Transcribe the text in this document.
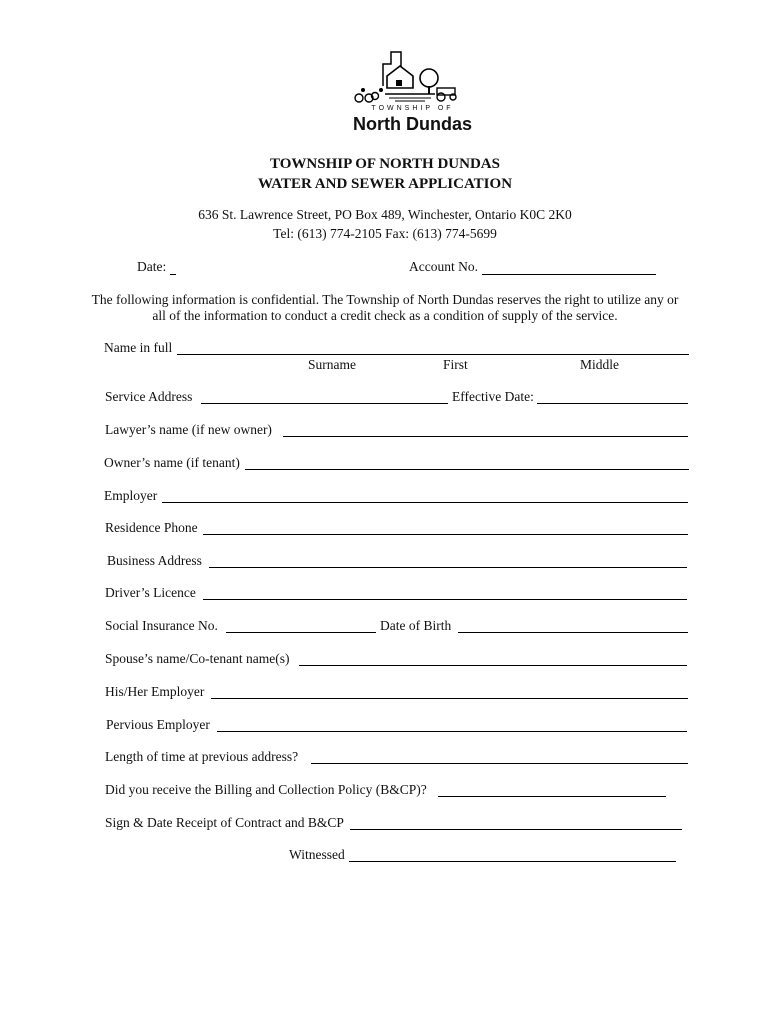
TOWNSHIP OF
North Dundas
TOWNSHIP OF NORTH DUNDAS
WATER AND SEWER APPLICATION
636 St. Lawrence Street, PO Box 489, Winchester, Ontario K0C 2K0
Tel: (613) 774-2105 Fax: (613) 774-5699
Date:	Account No.
The following information is confidential. The Township of North Dundas reserves the right to utilize any or
all of the information to conduct a credit check as a condition of supply of the service.
Name in full
Surname	First	Middle
Service Address	Effective Date:
Lawyer’s name (if new owner)
Owner’s name (if tenant)
Employer
Residence Phone
Business Address
Driver’s Licence
Social Insurance No.	Date of Birth
Spouse’s name/Co-tenant name(s)
His/Her Employer
Pervious Employer
Length of time at previous address?
Did you receive the Billing and Collection Policy (B&CP)?
Sign & Date Receipt of Contract and B&CP
Witnessed
